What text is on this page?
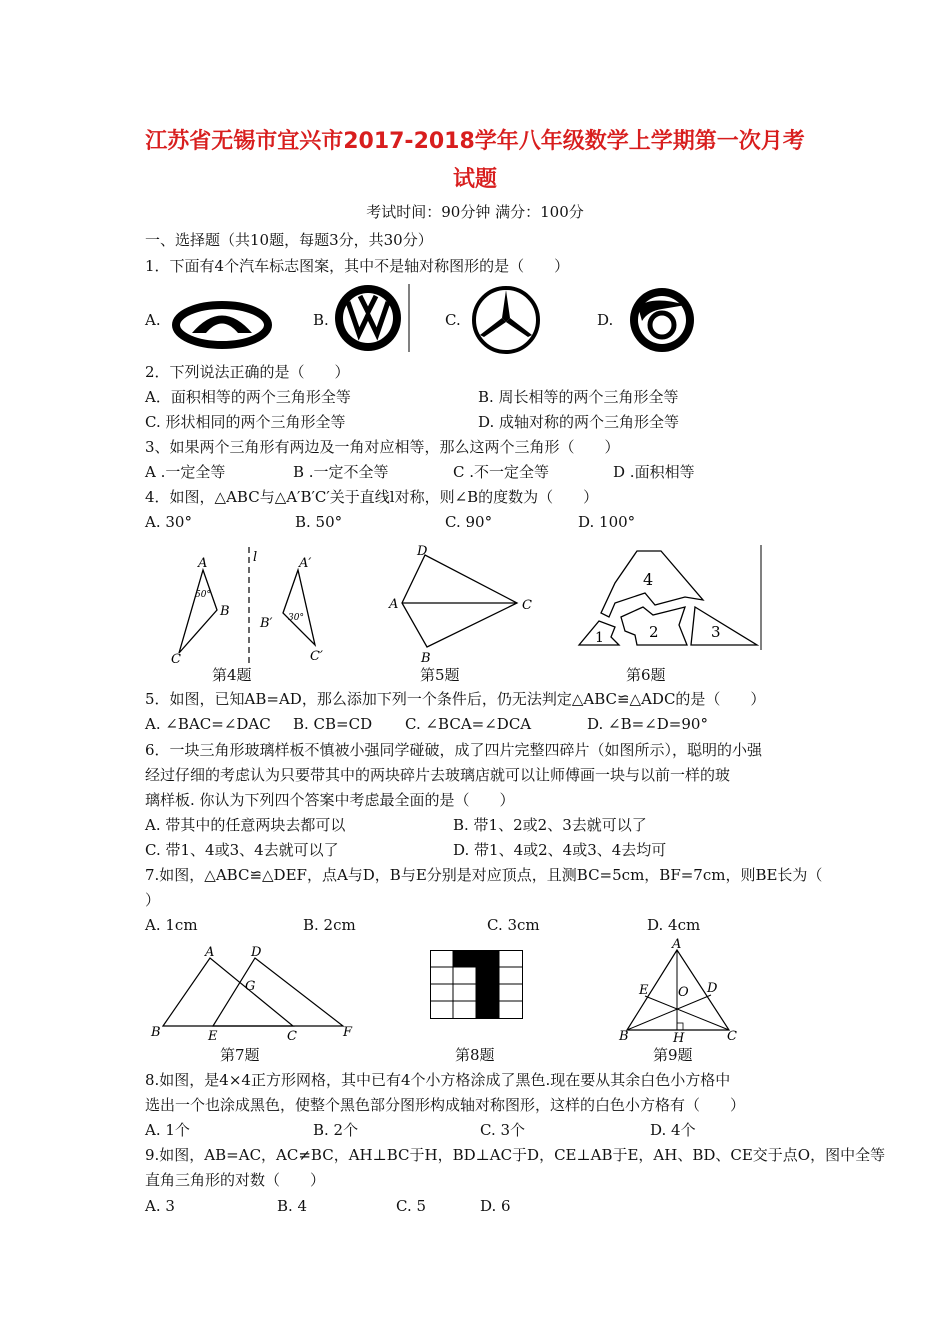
江苏省无锡市宜兴市2017-2018学年八年级数学上学期第一次月考
试题
考试时间：90分钟 满分：100分
一、选择题（共10题，每题3分，共30分）
1．下面有4个汽车标志图案，其中不是轴对称图形的是（　　）
A.	B.	C.	D.
2．下列说法正确的是（　　）
A．面积相等的两个三角形全等	B. 周长相等的两个三角形全等
C. 形状相同的两个三角形全等	D. 成轴对称的两个三角形全等
3、如果两个三角形有两边及一角对应相等，那么这两个三角形（　　）
A .一定全等	B .一定不全等	C .不一定全等	D .面积相等
4．如图，△ABC与△A′B′C′关于直线l对称，则∠B的度数为（　　）
A. 30°	B. 50°	C. 90°	D. 100°
A
B
C
50°
l	A′
B′
C′
30°
第4题
D
A	C
B
第5题
4
1	2	3
第6题
5．如图，已知AB=AD，那么添加下列一个条件后，仍无法判定△ABC≌△ADC的是（　　）
A. ∠BAC=∠DAC B. CB=CD C. ∠BCA=∠DCA	D. ∠B=∠D=90°
6．一块三角形玻璃样板不慎被小强同学碰破，成了四片完整四碎片（如图所示），聪明的小强
经过仔细的考虑认为只要带其中的两块碎片去玻璃店就可以让师傅画一块与以前一样的玻
璃样板. 你认为下列四个答案中考虑最全面的是（　　）
A. 带其中的任意两块去都可以	B. 带1、2或2、3去就可以了
C. 带1、4或3、4去就可以了	D. 带1、4或2、4或3、4去均可
7.如图，△ABC≌△DEF，点A与D，B与E分别是对应顶点，且测BC=5cm，BF=7cm，则BE长为（
）
A. 1cm	B. 2cm	C. 3cm	D. 4cm
A	D
G
B	E	C	F
第7题	第8题
A
E	D
O
B	H	C
第9题
8.如图，是4×4正方形网格，其中已有4个小方格涂成了黑色.现在要从其余白色小方格中
选出一个也涂成黑色，使整个黑色部分图形构成轴对称图形，这样的白色小方格有（　　）
A. 1个	B. 2个	C. 3个	D. 4个
9.如图，AB=AC，AC≠BC，AH⊥BC于H，BD⊥AC于D，CE⊥AB于E，AH、BD、CE交于点O，图中全等
直角三角形的对数（　　）
A. 3	B. 4	C. 5	D. 6
